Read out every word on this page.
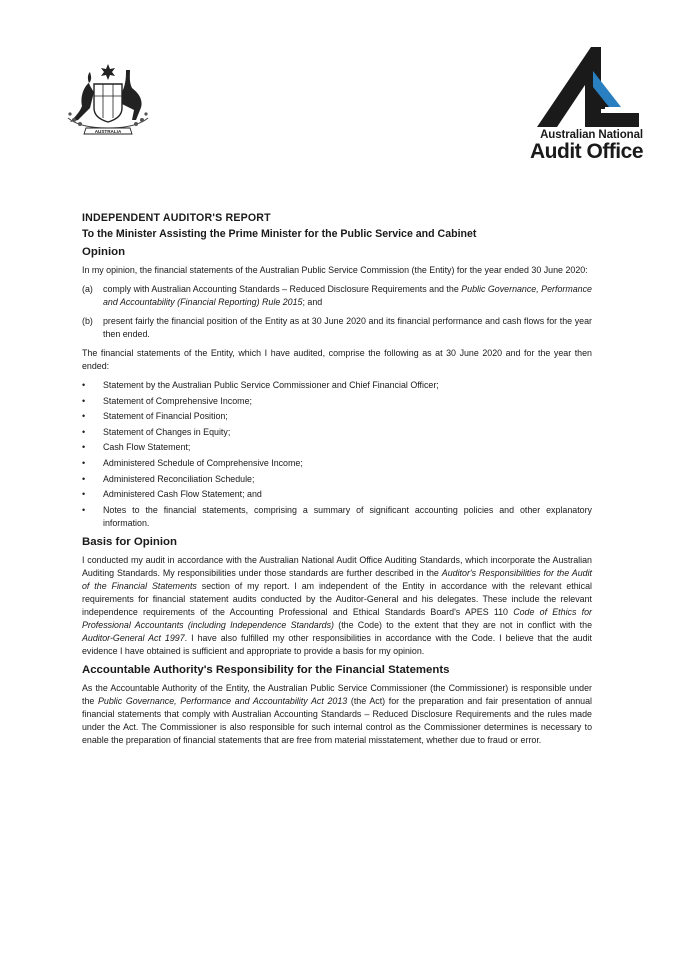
AUSTRALIA	Australian National
Audit Office
INDEPENDENT AUDITOR'S REPORT
To the Minister Assisting the Prime Minister for the Public Service and Cabinet
Opinion

In my opinion, the financial statements of the Australian Public Service Commission (the Entity) for the year ended 30 June 2020:

(a)	comply with Australian Accounting Standards – Reduced Disclosure Requirements and the Public Governance, Performance and Accountability (Financial Reporting) Rule 2015; and
(b)	present fairly the financial position of the Entity as at 30 June 2020 and its financial performance and cash flows for the year then ended.

The financial statements of the Entity, which I have audited, comprise the following as at 30 June 2020 and for the year then ended:

•	Statement by the Australian Public Service Commissioner and Chief Financial Officer;
•	Statement of Comprehensive Income;
•	Statement of Financial Position;
•	Statement of Changes in Equity;
•	Cash Flow Statement;
•	Administered Schedule of Comprehensive Income;
•	Administered Reconciliation Schedule;
•	Administered Cash Flow Statement; and
•	Notes to the financial statements, comprising a summary of significant accounting policies and other explanatory information.
Basis for Opinion

I conducted my audit in accordance with the Australian National Audit Office Auditing Standards, which incorporate the Australian Auditing Standards. My responsibilities under those standards are further described in the Auditor's Responsibilities for the Audit of the Financial Statements section of my report. I am independent of the Entity in accordance with the relevant ethical requirements for financial statement audits conducted by the Auditor-General and his delegates. These include the relevant independence requirements of the Accounting Professional and Ethical Standards Board's APES 110 Code of Ethics for Professional Accountants (including Independence Standards) (the Code) to the extent that they are not in conflict with the Auditor-General Act 1997. I have also fulfilled my other responsibilities in accordance with the Code. I believe that the audit evidence I have obtained is sufficient and appropriate to provide a basis for my opinion.

Accountable Authority's Responsibility for the Financial Statements

As the Accountable Authority of the Entity, the Australian Public Service Commissioner (the Commissioner) is responsible under the Public Governance, Performance and Accountability Act 2013 (the Act) for the preparation and fair presentation of annual financial statements that comply with Australian Accounting Standards – Reduced Disclosure Requirements and the rules made under the Act. The Commissioner is also responsible for such internal control as the Commissioner determines is necessary to enable the preparation of financial statements that are free from material misstatement, whether due to fraud or error.
